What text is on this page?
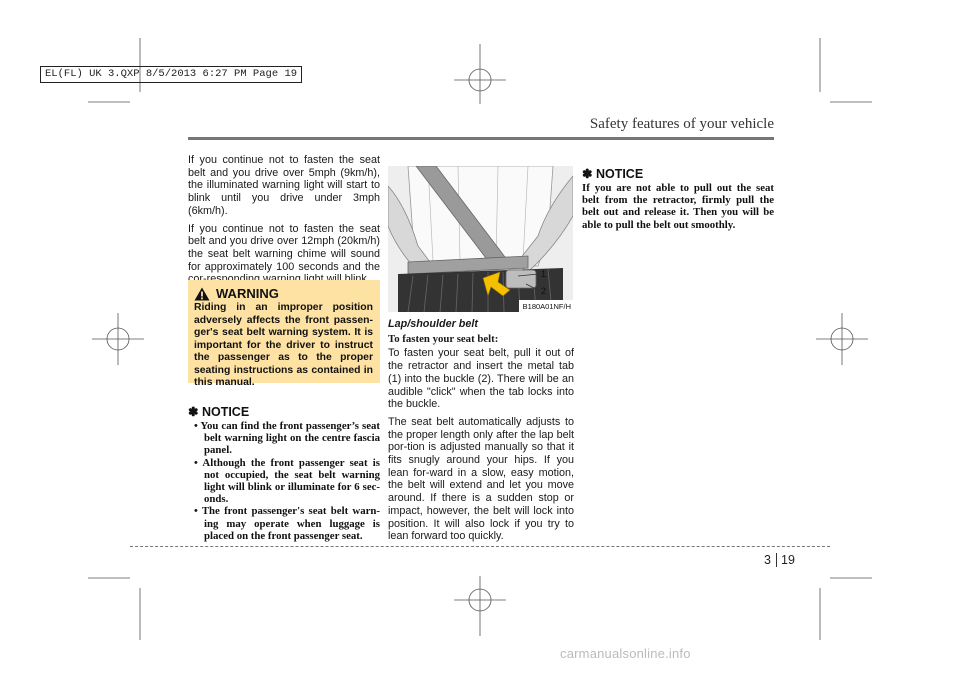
EL(FL) UK 3.QXP 8/5/2013 6:27 PM Page 19
Safety features of your vehicle

If you continue not to fasten the seat belt and you drive over 5mph (9km/h), the illuminated warning light will start to blink until you drive under 3mph (6km/h).

If you continue not to fasten the seat belt and you drive over 12mph (20km/h) the seat belt warning chime will sound for approximately 100 seconds and the

WARNING
Riding in an improper position adversely affects the front passen-ger's seat belt warning system. It is important for the driver to instruct the passenger as to the proper seating instructions as contained in this manual.
✽ NOTICE
• You can find the front passenger’s seat belt warning light on the centre fascia panel.
• Although the front passenger seat is not occupied, the seat belt warning light will blink or illuminate for 6 sec-onds.
• The front passenger's seat belt warn-ing may operate when luggage is placed on the front passenger seat.
1
2
B180A01NF/H
Lap/shoulder belt
To fasten your seat belt:

To fasten your seat belt, pull it out of the retractor and insert the metal tab (1) into the buckle (2). There will be an audible "click" when the tab locks into the buckle.

The seat belt automatically adjusts to the proper length only after the lap belt por-tion is adjusted manually so that it fits snugly around your hips. If you lean for-ward in a slow, easy motion, the belt will extend and let you move around. If there is a sudden stop or impact, however, the belt will lock into position. It will also lock if you try to lean forward too quickly.

✽ NOTICE
If you are not able to pull out the seat belt from the retractor, firmly pull the belt out and release it. Then you will be able to pull the belt out smoothly.
3 19
carmanualsonline.info
